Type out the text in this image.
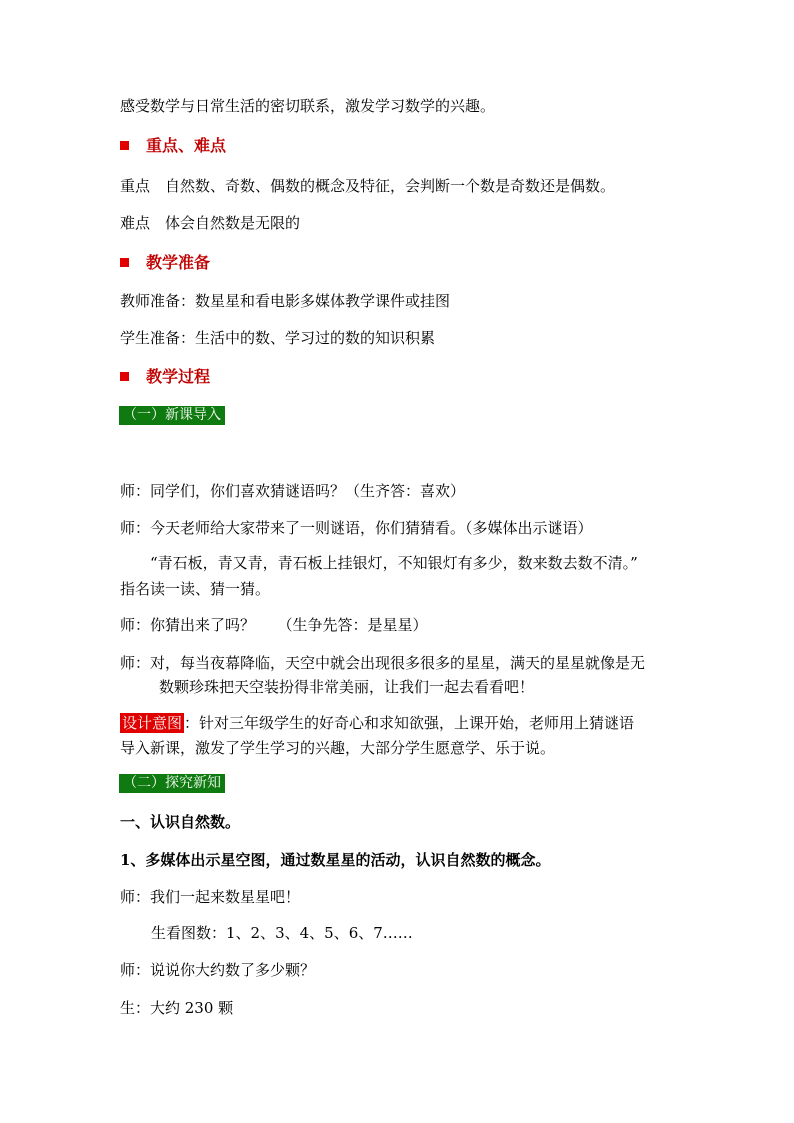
感受数学与日常生活的密切联系，激发学习数学的兴趣。
重点、难点
重点　自然数、奇数、偶数的概念及特征，会判断一个数是奇数还是偶数。
难点　体会自然数是无限的
教学准备
教师准备：数星星和看电影多媒体教学课件或挂图
学生准备：生活中的数、学习过的数的知识积累
教学过程
（一）新课导入
师：同学们，你们喜欢猜谜语吗？（生齐答：喜欢）
师：今天老师给大家带来了一则谜语，你们猜猜看。（多媒体出示谜语）
“青石板，青又青，青石板上挂银灯，不知银灯有多少，数来数去数不清。”
指名读一读、猜一猜。
师：你猜出来了吗？　　（生争先答：是星星）
师：对，每当夜幕降临，天空中就会出现很多很多的星星，满天的星星就像是无
数颗珍珠把天空装扮得非常美丽，让我们一起去看看吧！
设计意图 ：针对三年级学生的好奇心和求知欲强，上课开始，老师用上猜谜语
导入新课，激发了学生学习的兴趣，大部分学生愿意学、乐于说。
（二）探究新知
一、认识自然数。
1、多媒体出示星空图，通过数星星的活动，认识自然数的概念。
师：我们一起来数星星吧！
生看图数：1、2、3、4、5、6、7……
师：说说你大约数了多少颗？
生：大约 230 颗
